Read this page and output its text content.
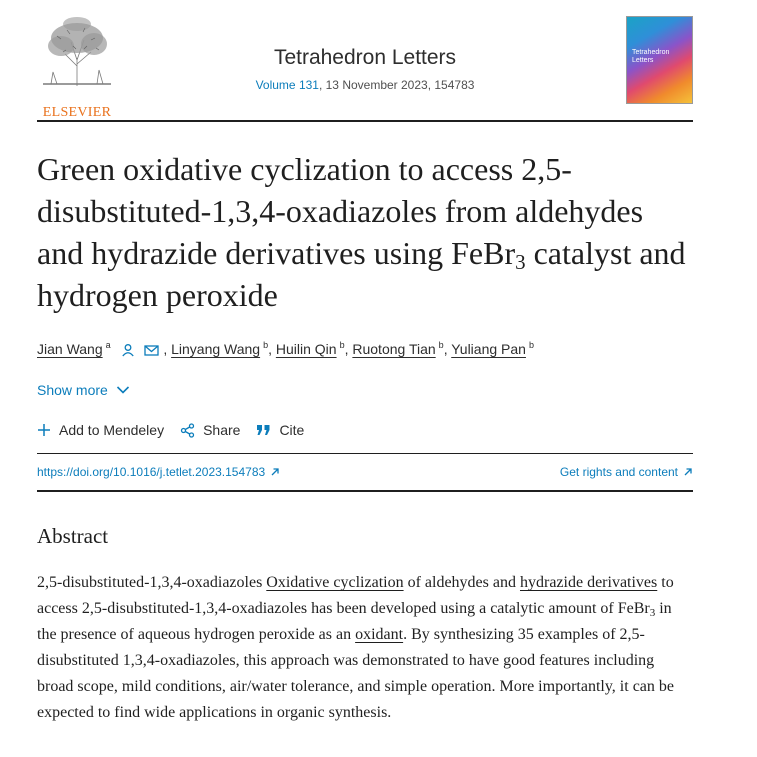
ELSEVIER
Tetrahedron Letters
Volume 131, 13 November 2023, 154783
Tetrahedron Letters
Green oxidative cyclization to access 2,5-disubstituted-1,3,4-oxadiazoles from aldehydes and hydrazide derivatives using FeBr$_3$ catalyst and hydrogen peroxide
Jian Wang $^a$	, Linyang Wang $^b$, Huilin Qin $^b$, Ruotong Tian $^b$, Yuliang Pan $^b$
Show more
Add to Mendeley	Share	Cite
https://doi.org/10.1016/j.tetlet.2023.154783	Get rights and content
Abstract

2,5-disubstituted-1,3,4-oxadiazoles Oxidative cyclization of aldehydes and hydrazide derivatives to access 2,5-disubstituted-1,3,4-oxadiazoles has been developed using a catalytic amount of FeBr$_3$ in the presence of aqueous hydrogen peroxide as an oxidant. By synthesizing 35 examples of 2,5-disubstituted 1,3,4-oxadiazoles, this approach was demonstrated to have good features including broad scope, mild conditions, air/water tolerance, and simple operation. More importantly, it can be expected to find wide applications in organic synthesis.
